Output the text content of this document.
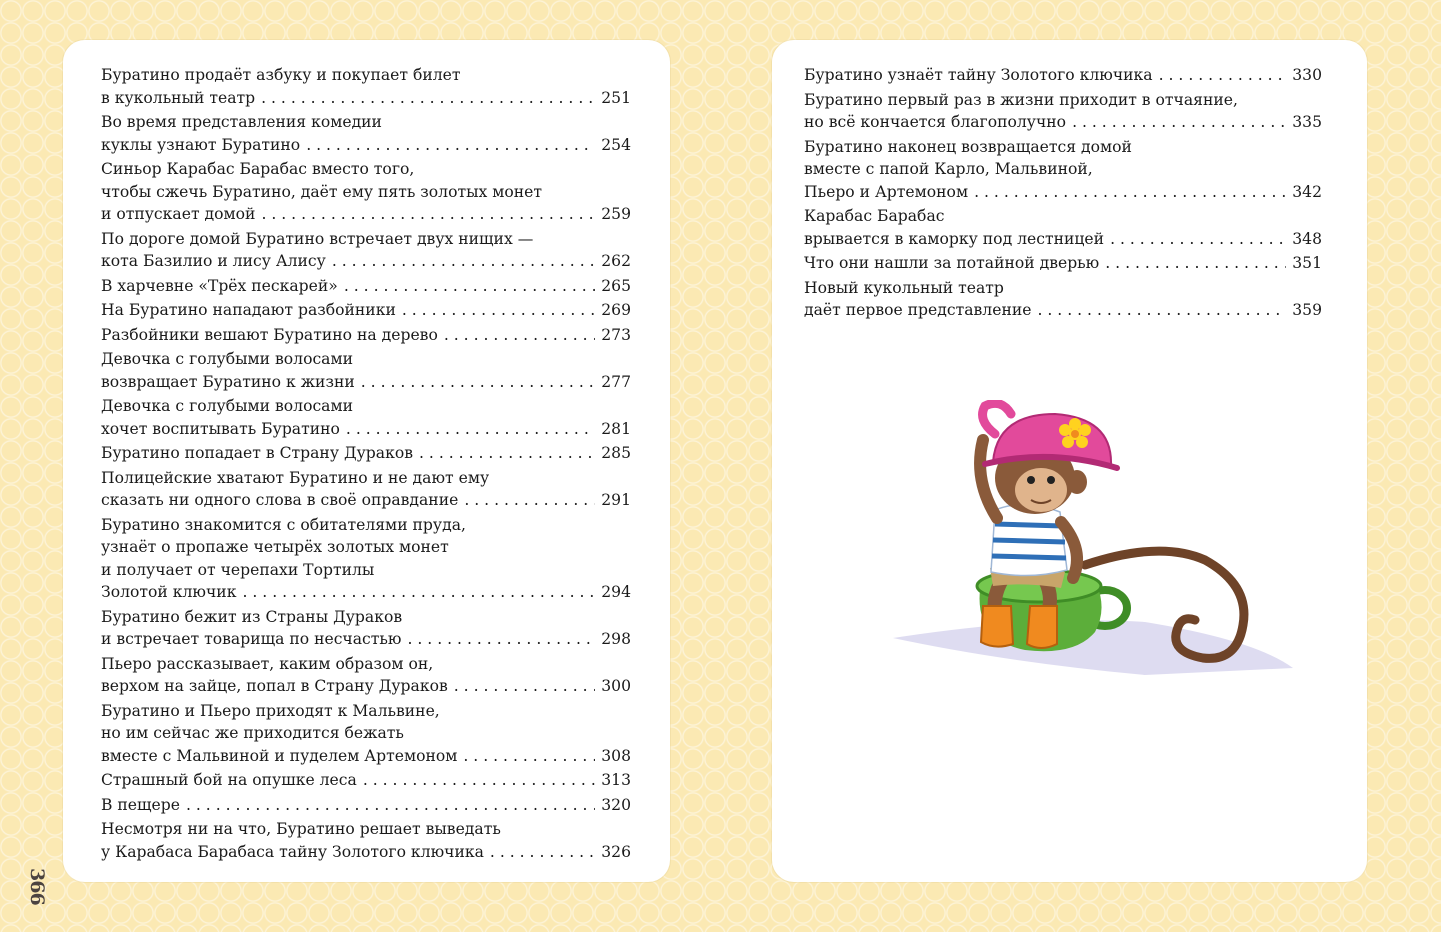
Буратино продаёт азбуку и покупает билет
в кукольный театр . . .	251
Во время представления комедии
куклы узнают Буратино . . .	254
Синьор Карабас Барабас вместо того,
чтобы сжечь Буратино, даёт ему пять золотых монет
и отпускает домой . . .	259
По дороге домой Буратино встречает двух нищих —
кота Базилио и лису Алису . . .	262
В харчевне «Трёх пескарей» . . .	265
На Буратино нападают разбойники . . .	269
Разбойники вешают Буратино на дерево . . .	273
Девочка с голубыми волосами
возвращает Буратино к жизни . . .	277
Девочка с голубыми волосами
хочет воспитывать Буратино . . .	281
Буратино попадает в Страну Дураков . . .	285
Полицейские хватают Буратино и не дают ему
сказать ни одного слова в своё оправдание . . .	291
Буратино знакомится с обитателями пруда,
узнаёт о пропаже четырёх золотых монет
и получает от черепахи Тортилы
Золотой ключик . . .	294
Буратино бежит из Страны Дураков
и встречает товарища по несчастью . . .	298
Пьеро рассказывает, каким образом он,
верхом на зайце, попал в Страну Дураков . . .	300
Буратино и Пьеро приходят к Мальвине,
но им сейчас же приходится бежать
вместе с Мальвиной и пуделем Артемоном . . .	308
Страшный бой на опушке леса . . .	313
В пещере . . .	320
Несмотря ни на что, Буратино решает выведать
у Карабаса Барабаса тайну Золотого ключика . . .	326
366
Буратино узнаёт тайну Золотого ключика . . .	330
Буратино первый раз в жизни приходит в отчаяние,
но всё кончается благополучно . . .	335
Буратино наконец возвращается домой
вместе с папой Карло, Мальвиной,
Пьеро и Артемоном . . .	342
Карабас Барабас
врывается в каморку под лестницей . . .	348
Что они нашли за потайной дверью . . .	351
Новый кукольный театр
даёт первое представление . . .	359
